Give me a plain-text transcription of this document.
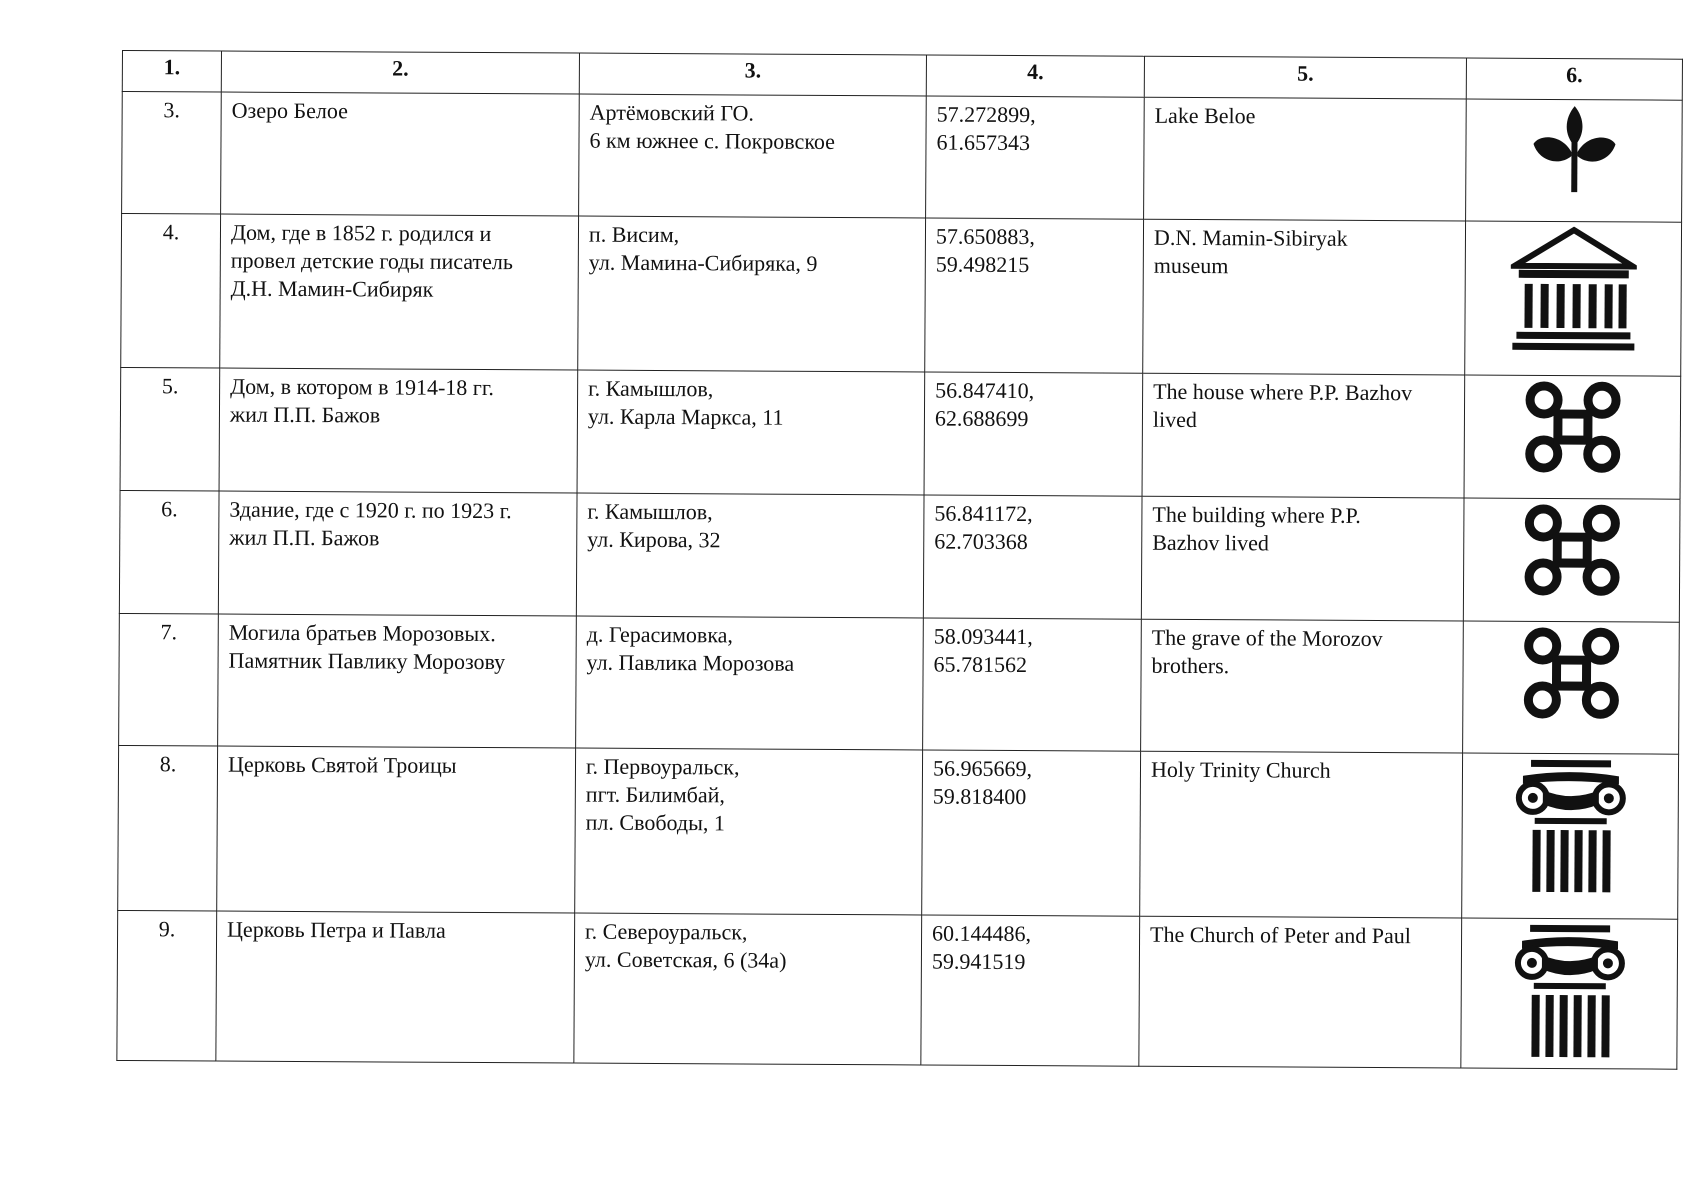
1.	2.	3.	4.	5.	6.
3.	Озеро Белое	Артёмовский ГО.
6 км южнее с. Покровское	57.272899,
61.657343	Lake Beloe	

4.	Дом, где в 1852 г. родился и
провел детские годы писатель
Д.Н. Мамин-Сибиряк	п. Висим,
ул. Мамина-Сибиряка, 9	57.650883,
59.498215	D.N. Mamin-Sibiryak
museum	

5.	Дом, в котором в 1914-18 гг.
жил П.П. Бажов	г. Камышлов,
ул. Карла Маркса, 11	56.847410,
62.688699	The house where P.P. Bazhov
lived	

6.	Здание, где с 1920 г. по 1923 г.
жил П.П. Бажов	г. Камышлов,
ул. Кирова, 32	56.841172,
62.703368	The building where P.P.
Bazhov lived	

7.	Могила братьев Морозовых.
Памятник Павлику Морозову	д. Герасимовка,
ул. Павлика Морозова	58.093441,
65.781562	The grave of the Morozov
brothers.	

8.	Церковь Святой Троицы	г. Первоуральск,
пгт. Билимбай,
пл. Свободы, 1	56.965669,
59.818400	Holy Trinity Church	

9.	Церковь Петра и Павла	г. Североуральск,
ул. Советская, 6 (34а)	60.144486,
59.941519	The Church of Peter and Paul	
